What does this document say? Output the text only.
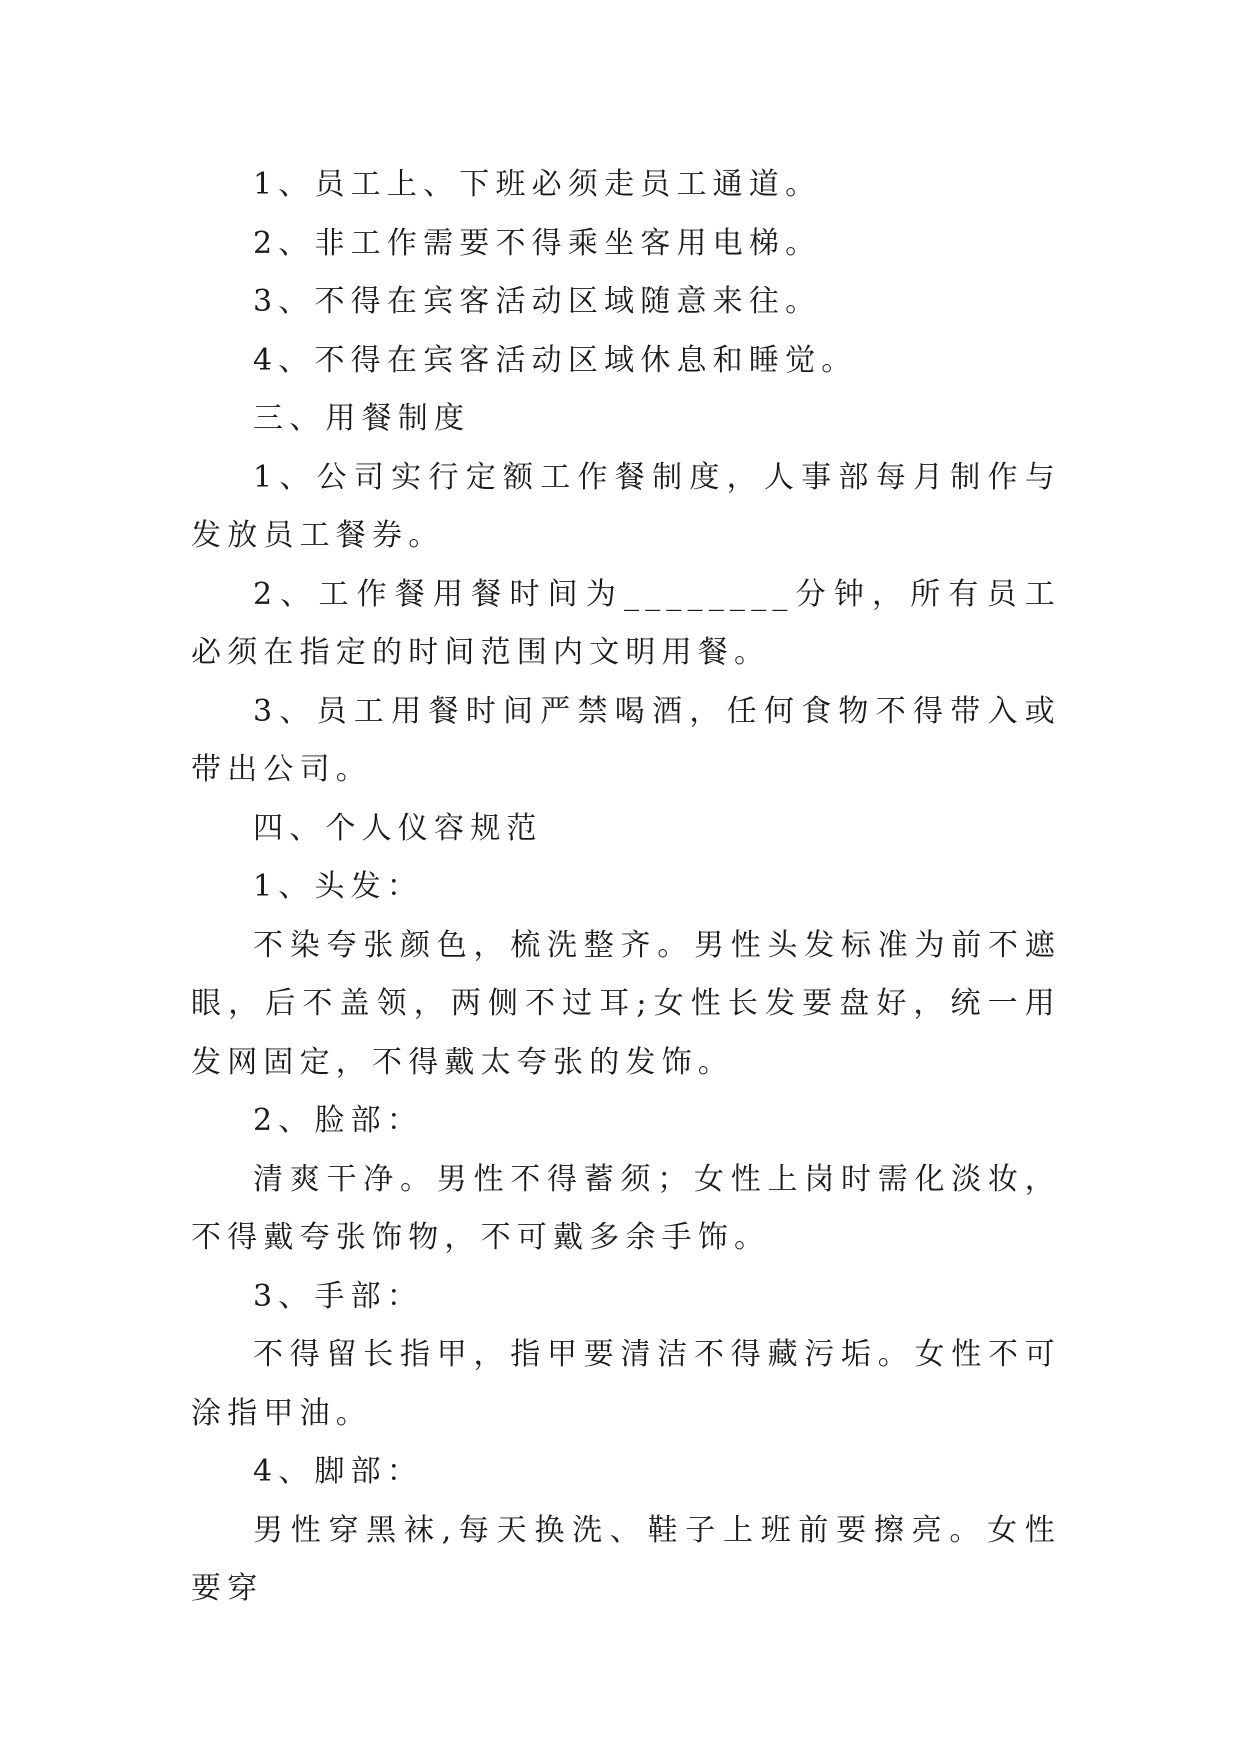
1、员工上、下班必须走员工通道。

2、非工作需要不得乘坐客用电梯。

3、不得在宾客活动区域随意来往。

4、不得在宾客活动区域休息和睡觉。

三、用餐制度

1、公司实行定额工作餐制度，人事部每月制作与发放员工餐券。

2、工作餐用餐时间为________分钟，所有员工必须在指定的时间范围内文明用餐。

3、员工用餐时间严禁喝酒，任何食物不得带入或带出公司。

四、个人仪容规范

1、头发：

不染夸张颜色，梳洗整齐。男性头发标准为前不遮眼，后不盖领，两侧不过耳;女性长发要盘好，统一用发网固定，不得戴太夸张的发饰。

2、脸部：

清爽干净。男性不得蓄须；女性上岗时需化淡妆，不得戴夸张饰物，不可戴多余手饰。

3、手部：

不得留长指甲，指甲要清洁不得藏污垢。女性不可涂指甲油。

4、脚部：

男性穿黑袜,每天换洗、鞋子上班前要擦亮。女性要穿
